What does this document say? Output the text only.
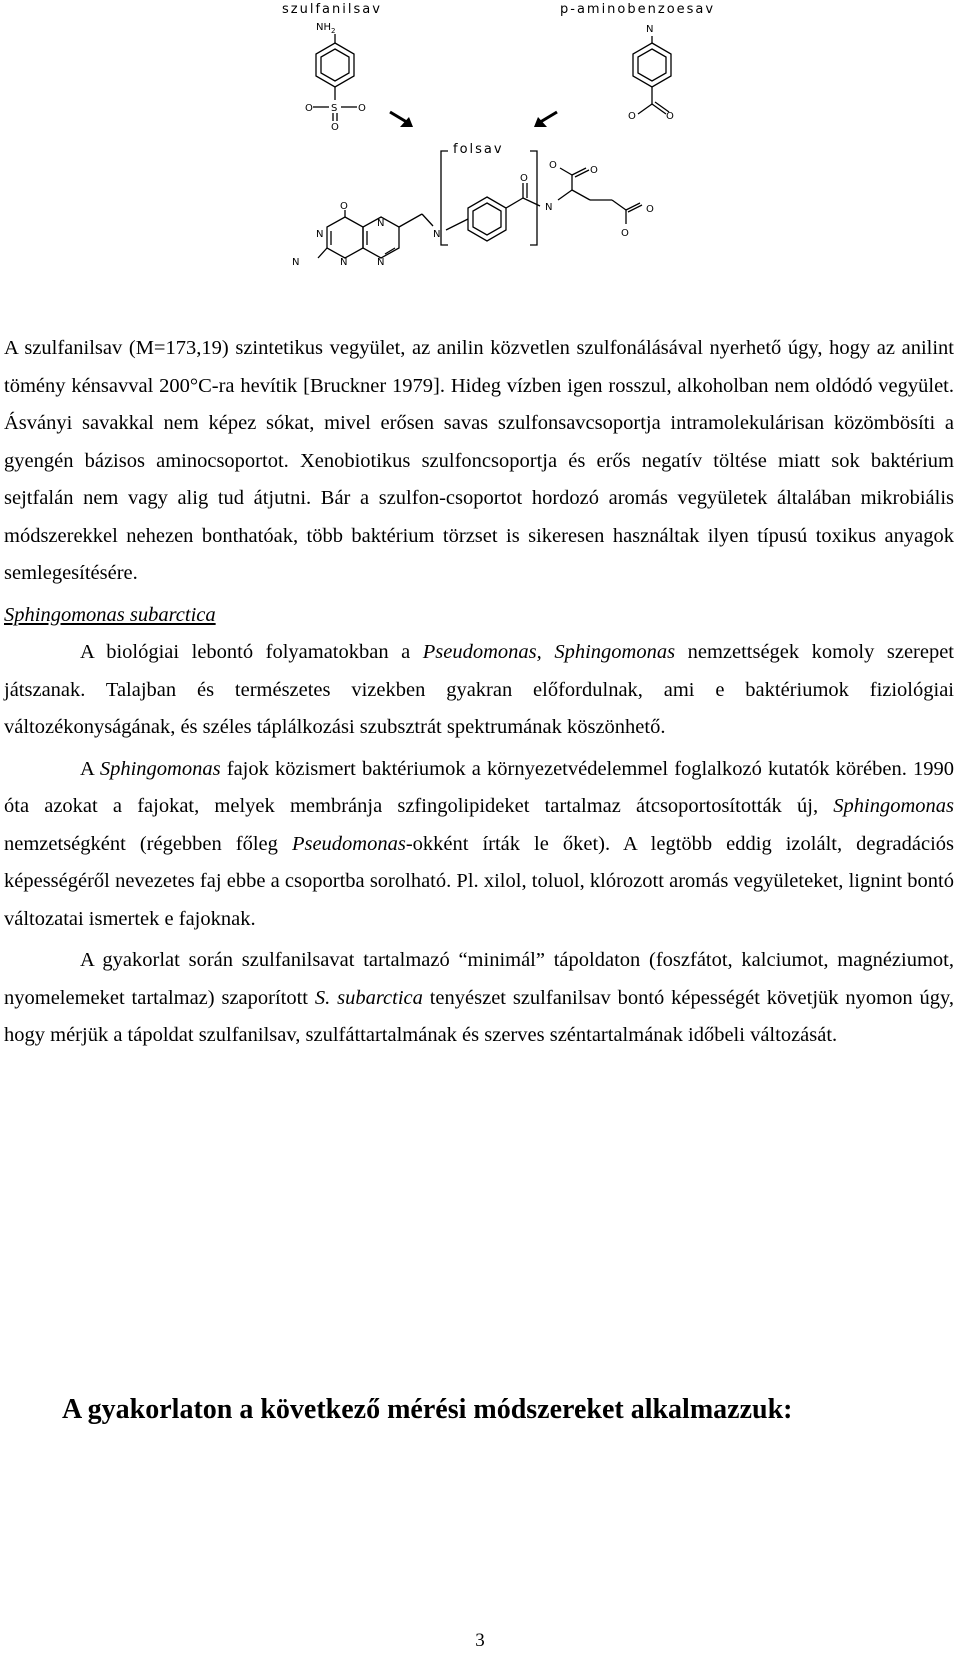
szulfanilsav	p-aminobenzoesav
folsav
$NH_2$	N
O S O
O
O	O
O	O
O
N	O
O
O
N
N	N
N	N	N

A szulfanilsav (M=173,19) szintetikus vegyület, az anilin közvetlen szulfonálásával nyerhető úgy, hogy az anilint tömény kénsavval 200°C-ra hevítik [Bruckner 1979]. Hideg vízben igen rosszul, alkoholban nem oldódó vegyület. Ásványi savakkal nem képez sókat, mivel erősen savas szulfonsavcsoportja intramolekulárisan közömbösíti a gyengén bázisos aminocsoportot. Xenobiotikus szulfoncsoportja és erős negatív töltése miatt sok baktérium sejtfalán nem vagy alig tud átjutni. Bár a szulfon-csoportot hordozó aromás vegyületek általában mikrobiális módszerekkel nehezen bonthatóak, több baktérium törzset is sikeresen használtak ilyen típusú toxikus anyagok semlegesítésére.

Sphingomonas subarctica

A biológiai lebontó folyamatokban a Pseudomonas, Sphingomonas nemzettségek komoly szerepet játszanak. Talajban és természetes vizekben gyakran előfordulnak, ami e baktériumok fiziológiai változékonyságának, és széles táplálkozási szubsztrát spektrumának köszönhető.

A Sphingomonas fajok közismert baktériumok a környezetvédelemmel foglalkozó kutatók körében. 1990 óta azokat a fajokat, melyek membránja szfingolipideket tartalmaz átcsoportosították új, Sphingomonas nemzetségként (régebben főleg Pseudomonas-okként írták le őket). A legtöbb eddig izolált, degradációs képességéről nevezetes faj ebbe a csoportba sorolható. Pl. xilol, toluol, klórozott aromás vegyületeket, lignint bontó változatai ismertek e fajoknak.

A gyakorlat során szulfanilsavat tartalmazó “minimál” tápoldaton (foszfátot, kalciumot, magnéziumot, nyomelemeket tartalmaz) szaporított S. subarctica tenyészet szulfanilsav bontó képességét követjük nyomon úgy, hogy mérjük a tápoldat szulfanilsav, szulfáttartalmának és szerves széntartalmának időbeli változását.

A gyakorlaton a következő mérési módszereket alkalmazzuk:
3
